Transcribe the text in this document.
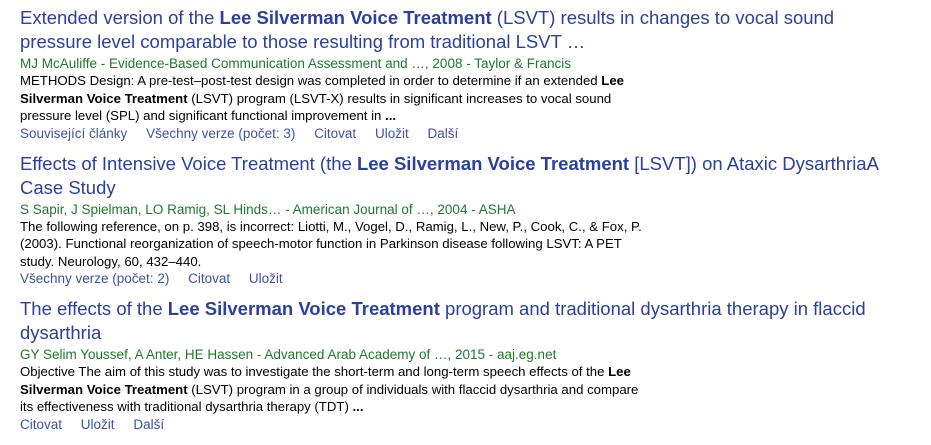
Extended version of the Lee Silverman Voice Treatment (LSVT) results in changes to vocal sound pressure level comparable to those resulting from traditional LSVT …
MJ McAuliffe - Evidence-Based Communication Assessment and …, 2008 - Taylor & Francis
METHODS Design: A pre-test–post-test design was completed in order to determine if an extended Lee Silverman Voice Treatment (LSVT) program (LSVT-X) results in significant increases to vocal sound pressure level (SPL) and significant functional improvement in ...
Související články Všechny verze (počet: 3) Citovat Uložit Další
Effects of Intensive Voice Treatment (the Lee Silverman Voice Treatment [LSVT]) on Ataxic DysarthriaA Case Study
S Sapir, J Spielman, LO Ramig, SL Hinds… - American Journal of …, 2004 - ASHA
The following reference, on p. 398, is incorrect: Liotti, M., Vogel, D., Ramig, L., New, P., Cook, C., & Fox, P.(2003). Functional reorganization of speech-motor function in Parkinson disease following LSVT: A PET study. Neurology, 60, 432–440.
Všechny verze (počet: 2) Citovat Uložit
The effects of the Lee Silverman Voice Treatment program and traditional dysarthria therapy in flaccid dysarthria
GY Selim Youssef, A Anter, HE Hassen - Advanced Arab Academy of …, 2015 - aaj.eg.net
Objective The aim of this study was to investigate the short-term and long-term speech effects of the Lee Silverman Voice Treatment (LSVT) program in a group of individuals with flaccid dysarthria and compare its effectiveness with traditional dysarthria therapy (TDT) ...
Citovat Uložit Další
